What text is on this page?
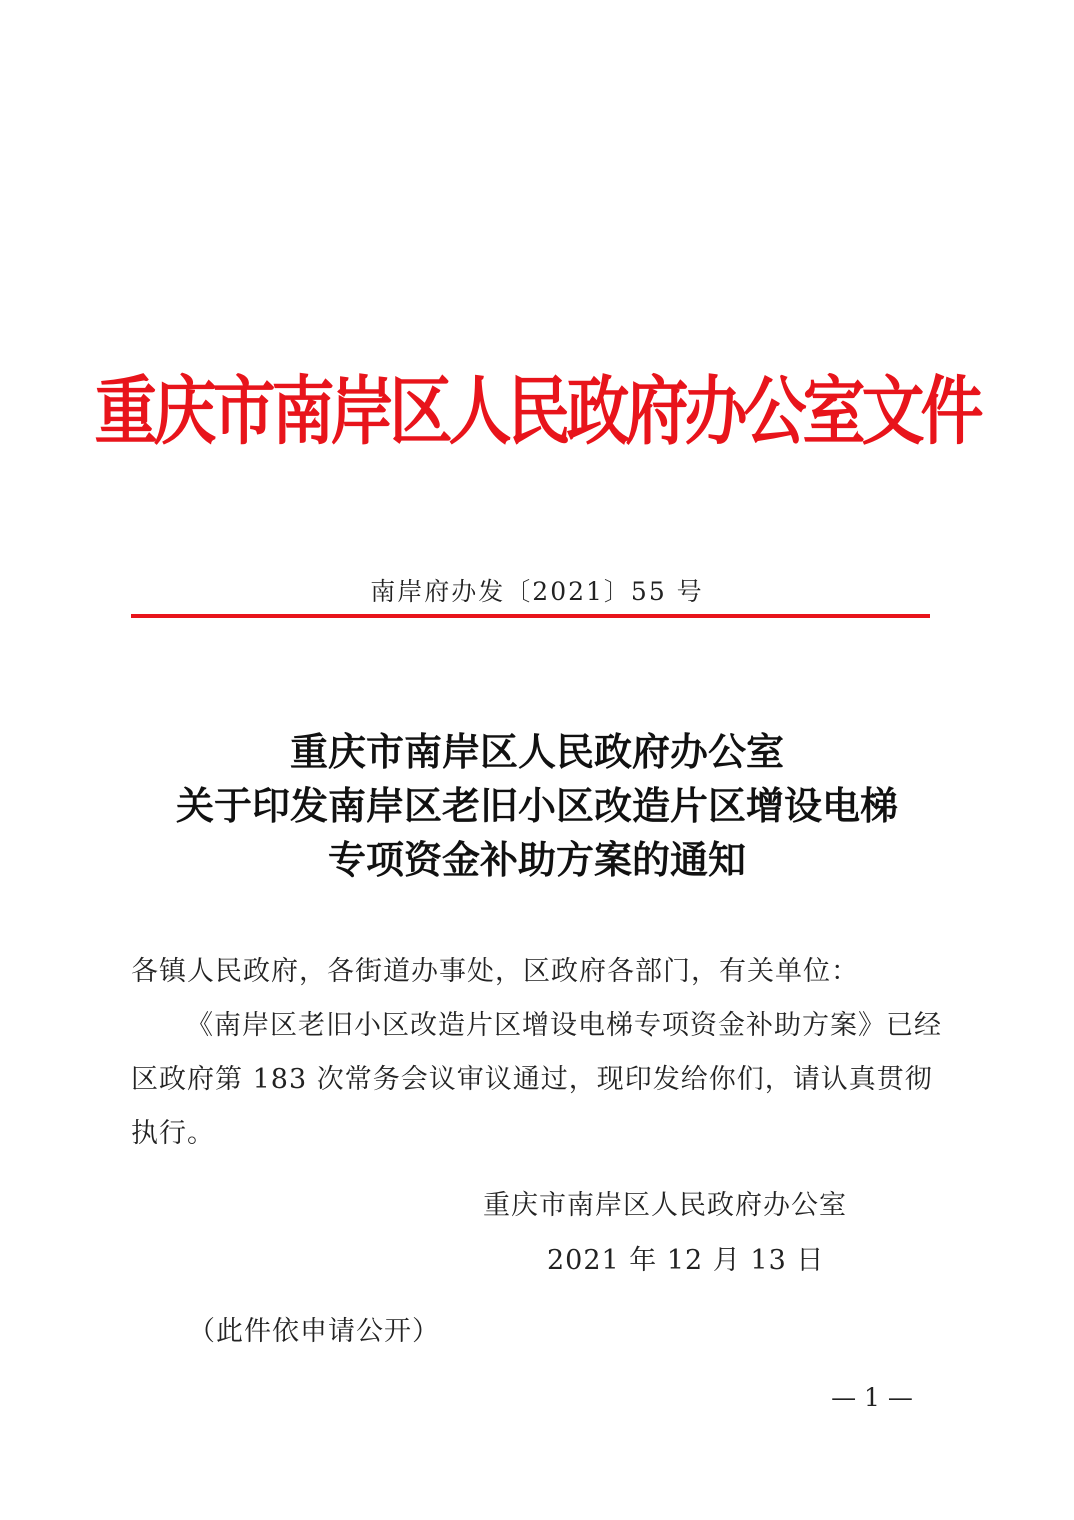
重庆市南岸区人民政府办公室文件
南岸府办发〔2021〕55 号
重庆市南岸区人民政府办公室
关于印发南岸区老旧小区改造片区增设电梯
专项资金补助方案的通知
各镇人民政府，各街道办事处，区政府各部门，有关单位：
《南岸区老旧小区改造片区增设电梯专项资金补助方案》已经
区政府第 183 次常务会议审议通过，现印发给你们，请认真贯彻
执行。
重庆市南岸区人民政府办公室
2021 年 12 月 13 日
（此件依申请公开）
— 1 —
